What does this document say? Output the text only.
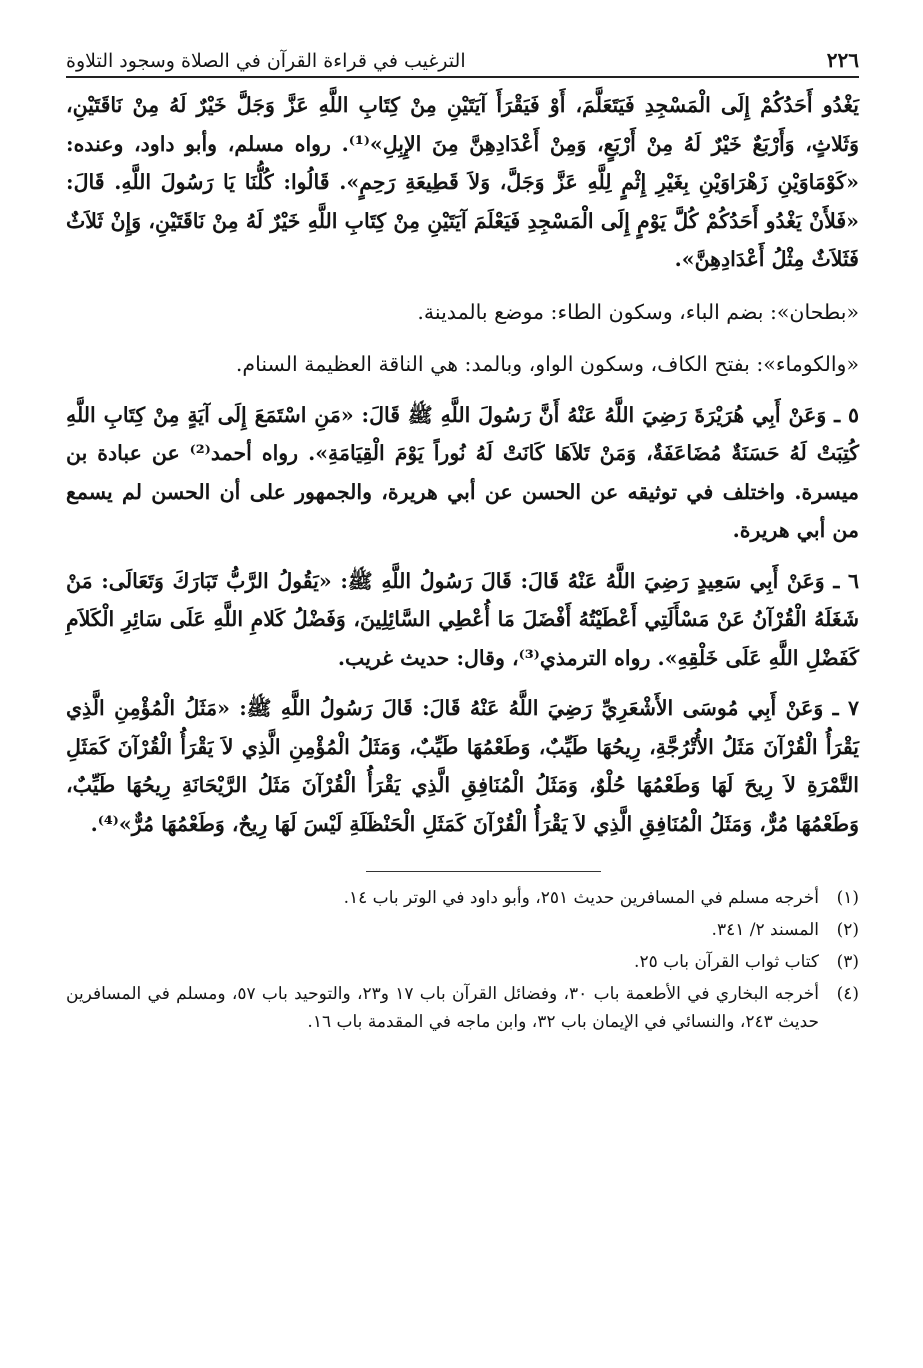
٢٢٦
الترغيب في قراءة القرآن في الصلاة وسجود التلاوة

يَغْدُو أَحَدُكُمْ إِلَى الْمَسْجِدِ فَيَتَعَلَّمَ، أَوْ فَيَقْرَأَ آيَتَيْنِ مِنْ كِتَابِ اللَّهِ عَزَّ وَجَلَّ خَيْرٌ لَهُ مِنْ نَاقَتَيْنِ، وَثَلاثٍ، وَأَرْبَعٌ خَيْرٌ لَهُ مِنْ أَرْبَعٍ، وَمِنْ أَعْدَادِهِنَّ مِنَ الإِبِلِ»⁽¹⁾. رواه مسلم، وأبو داود، وعنده: «كَوْمَاوَيْنِ زَهْرَاوَيْنِ بِغَيْرِ إِثْمٍ لِلَّهِ عَزَّ وَجَلَّ، وَلاَ قَطِيعَةِ رَحِمٍ». قَالُوا: كُلُّنَا يَا رَسُولَ اللَّهِ. قَالَ: «فَلأَنْ يَغْدُو أَحَدُكُمْ كُلَّ يَوْمٍ إِلَى الْمَسْجِدِ فَيَعْلَمَ آيَتَيْنِ مِنْ كِتَابِ اللَّهِ خَيْرٌ لَهُ مِنْ نَاقَتَيْنِ، وَإِنْ ثَلاَثٌ فَثَلاَثٌ مِثْلُ أَعْدَادِهِنَّ».

«بطحان»: بضم الباء، وسكون الطاء: موضع بالمدينة.

«والكوماء»: بفتح الكاف، وسكون الواو، وبالمد: هي الناقة العظيمة السنام.

٥ ـ وَعَنْ أَبِي هُرَيْرَةَ رَضِيَ اللَّهُ عَنْهُ أَنَّ رَسُولَ اللَّهِ ﷺ قَالَ: «مَنِ اسْتَمَعَ إِلَى آيَةٍ مِنْ كِتَابِ اللَّهِ كُتِبَتْ لَهُ حَسَنَةٌ مُضَاعَفَةٌ، وَمَنْ تَلاَهَا كَانَتْ لَهُ نُوراً يَوْمَ الْقِيَامَةِ». رواه أحمد⁽²⁾ عن عبادة بن ميسرة. واختلف في توثيقه عن الحسن عن أبي هريرة، والجمهور على أن الحسن لم يسمع من أبي هريرة.

٦ ـ وَعَنْ أَبِي سَعِيدٍ رَضِيَ اللَّهُ عَنْهُ قَالَ: قَالَ رَسُولُ اللَّهِ ﷺ: «يَقُولُ الرَّبُّ تَبَارَكَ وَتَعَالَى: مَنْ شَغَلَهُ الْقُرْآنُ عَنْ مَسْأَلَتِي أَعْطَيْتُهُ أَفْضَلَ مَا أُعْطِي السَّائِلِينَ، وَفَضْلُ كَلامِ اللَّهِ عَلَى سَائِرِ الْكَلاَمِ كَفَضْلِ اللَّهِ عَلَى خَلْقِهِ». رواه الترمذي⁽³⁾، وقال: حديث غريب.

٧ ـ وَعَنْ أَبِي مُوسَى الأَشْعَرِيِّ رَضِيَ اللَّهُ عَنْهُ قَالَ: قَالَ رَسُولُ اللَّهِ ﷺ: «مَثَلُ الْمُؤْمِنِ الَّذِي يَقْرَأُ الْقُرْآنَ مَثَلُ الأُتْرُجَّةِ، رِيحُهَا طَيِّبٌ، وَطَعْمُهَا طَيِّبٌ، وَمَثَلُ الْمُؤْمِنِ الَّذِي لاَ يَقْرَأُ الْقُرْآنَ كَمَثَلِ التَّمْرَةِ لاَ رِيحَ لَهَا وَطَعْمُهَا حُلْوٌ، وَمَثَلُ الْمُنَافِقِ الَّذِي يَقْرَأُ الْقُرْآنَ مَثَلُ الرَّيْحَانَةِ رِيحُهَا طَيِّبٌ، وَطَعْمُهَا مُرٌّ، وَمَثَلُ الْمُنَافِقِ الَّذِي لاَ يَقْرَأُ الْقُرْآنَ كَمَثَلِ الْحَنْظَلَةِ لَيْسَ لَهَا رِيحٌ، وَطَعْمُهَا مُرٌّ»⁽⁴⁾.

(١)
أخرجه مسلم في المسافرين حديث ٢٥١، وأبو داود في الوتر باب ١٤.
(٢)
المسند ٢/ ٣٤١.
(٣)
كتاب ثواب القرآن باب ٢٥.
(٤)
أخرجه البخاري في الأطعمة باب ٣٠، وفضائل القرآن باب ١٧ و٢٣، والتوحيد باب ٥٧، ومسلم في المسافرين حديث ٢٤٣، والنسائي في الإيمان باب ٣٢، وابن ماجه في المقدمة باب ١٦.
